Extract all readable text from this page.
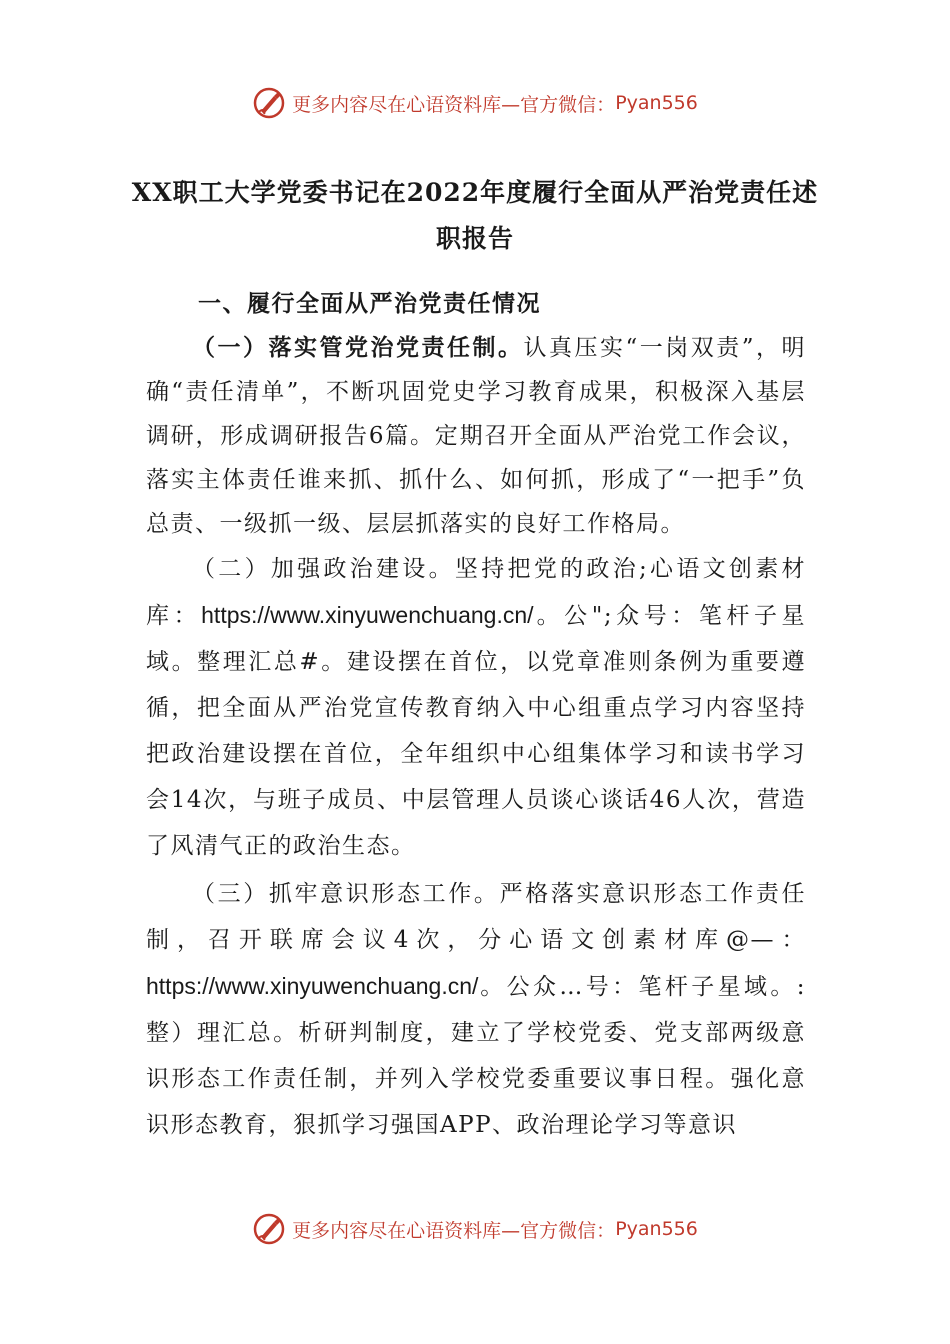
更多内容尽在心语资料库— 官方微信： Pyan556
XX职工大学党委书记在2022年度履行全面从严治党责任述职报告

一、履行全面从严治党责任情况

（一）落实管党治党责任制。认真压实“一岗双责”，明确“责任清单”，不断巩固党史学习教育成果，积极深入基层调研，形成调研报告6篇。定期召开全面从严治党工作会议，落实主体责任谁来抓、抓什么、如何抓，形成了“一把手”负总责、一级抓一级、层层抓落实的良好工作格局。

（二）加强政治建设。坚持把党的政治;心语文创素材库：https://www.xinyuwenchuang.cn/。公";众号：笔杆子星域。整理汇总#。建设摆在首位，以党章准则条例为重要遵循，把全面从严治党宣传教育纳入中心组重点学习内容坚持把政治建设摆在首位，全年组织中心组集体学习和读书学习会14次，与班子成员、中层管理人员谈心谈话46人次，营造了风清气正的政治生态。

（三）抓牢意识形态工作。严格落实意识形态工作责任制，召开联席会议4次，分心语文创素材库@—：https://www.xinyuwenchuang.cn/。公众…号：笔杆子星域。:整）理汇总。析研判制度，建立了学校党委、党支部两级意识形态工作责任制，并列入学校党委重要议事日程。强化意识形态教育，狠抓学习强国APP、政治理论学习等意识

更多内容尽在心语资料库— 官方微信： Pyan556
